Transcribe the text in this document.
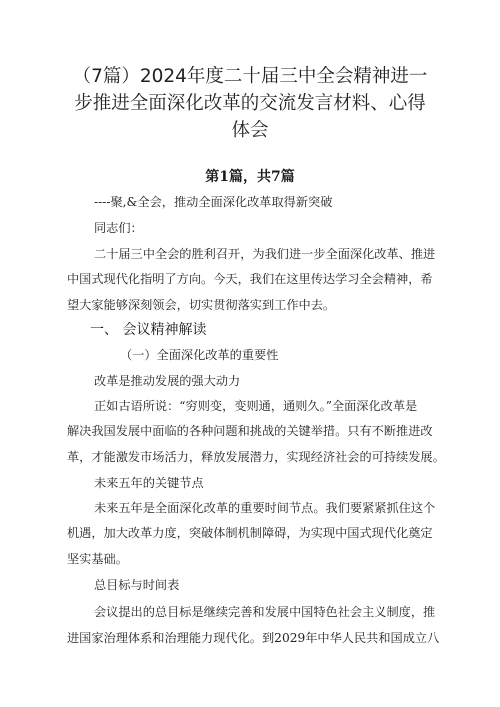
（7篇）2024年度二十届三中全会精神进一
步推进全面深化改革的交流发言材料、心得
体会
第1篇，共7篇
----聚,&全会，推动全面深化改革取得新突破
同志们：
二十届三中全会的胜利召开，为我们进一步全面深化改革、推进
中国式现代化指明了方向。今天，我们在这里传达学习全会精神，希
望大家能够深刻领会，切实贯彻落实到工作中去。
一、 会议精神解读
（一）全面深化改革的重要性
改革是推动发展的强大动力
正如古语所说：“穷则变，变则通，通则久。”全面深化改革是
解决我国发展中面临的各种问题和挑战的关键举措。只有不断推进改
革，才能激发市场活力，释放发展潜力，实现经济社会的可持续发展。
未来五年的关键节点
未来五年是全面深化改革的重要时间节点。我们要紧紧抓住这个
机遇，加大改革力度，突破体制机制障碍，为实现中国式现代化奠定
坚实基础。
总目标与时间表
会议提出的总目标是继续完善和发展中国特色社会主义制度，推
进国家治理体系和治理能力现代化。到2029年中华人民共和国成立八
